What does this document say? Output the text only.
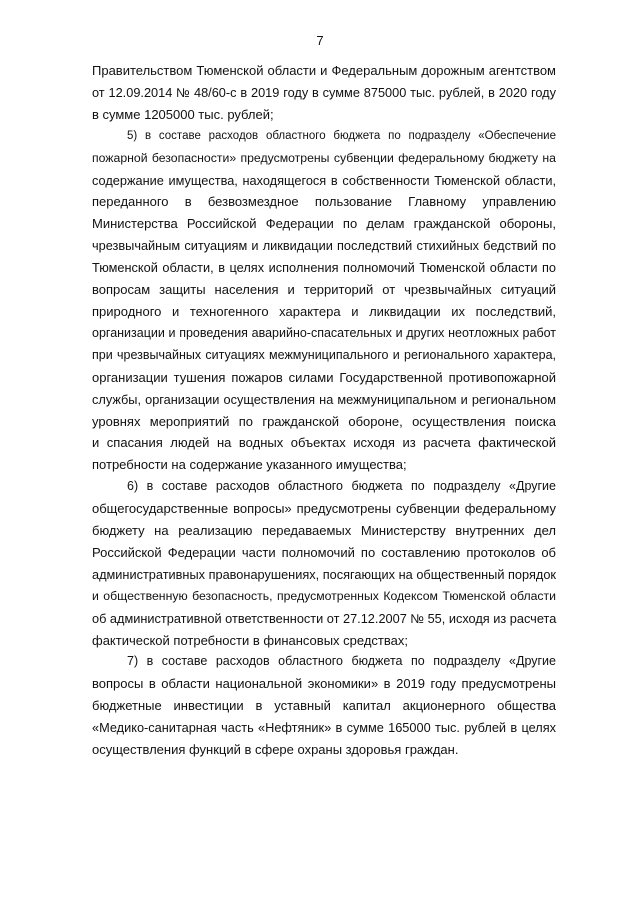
7

Правительством Тюменской области и Федеральным дорожным агентством
от 12.09.2014 № 48/60-с в 2019 году в сумме 875000 тыс. рублей, в 2020 году
в сумме 1205000 тыс. рублей;

5) в составе расходов областного бюджета по подразделу «Обеспечение
пожарной безопасности» предусмотрены субвенции федеральному бюджету на
содержание имущества, находящегося в собственности Тюменской области,
переданного в безвозмездное пользование Главному управлению
Министерства Российской Федерации по делам гражданской обороны,
чрезвычайным ситуациям и ликвидации последствий стихийных бедствий по
Тюменской области, в целях исполнения полномочий Тюменской области по
вопросам защиты населения и территорий от чрезвычайных ситуаций
природного и техногенного характера и ликвидации их последствий,
организации и проведения аварийно-спасательных и других неотложных работ
при чрезвычайных ситуациях межмуниципального и регионального характера,
организации тушения пожаров силами Государственной противопожарной
службы, организации осуществления на межмуниципальном и региональном
уровнях мероприятий по гражданской обороне, осуществления поиска
и спасания людей на водных объектах исходя из расчета фактической
потребности на содержание указанного имущества;

6) в составе расходов областного бюджета по подразделу «Другие
общегосударственные вопросы» предусмотрены субвенции федеральному
бюджету на реализацию передаваемых Министерству внутренних дел
Российской Федерации части полномочий по составлению протоколов об
административных правонарушениях, посягающих на общественный порядок
и общественную безопасность, предусмотренных Кодексом Тюменской области
об административной ответственности от 27.12.2007 № 55, исходя из расчета
фактической потребности в финансовых средствах;

7) в составе расходов областного бюджета по подразделу «Другие
вопросы в области национальной экономики» в 2019 году предусмотрены
бюджетные инвестиции в уставный капитал акционерного общества
«Медико-санитарная часть «Нефтяник» в сумме 165000 тыс. рублей в целях
осуществления функций в сфере охраны здоровья граждан.
